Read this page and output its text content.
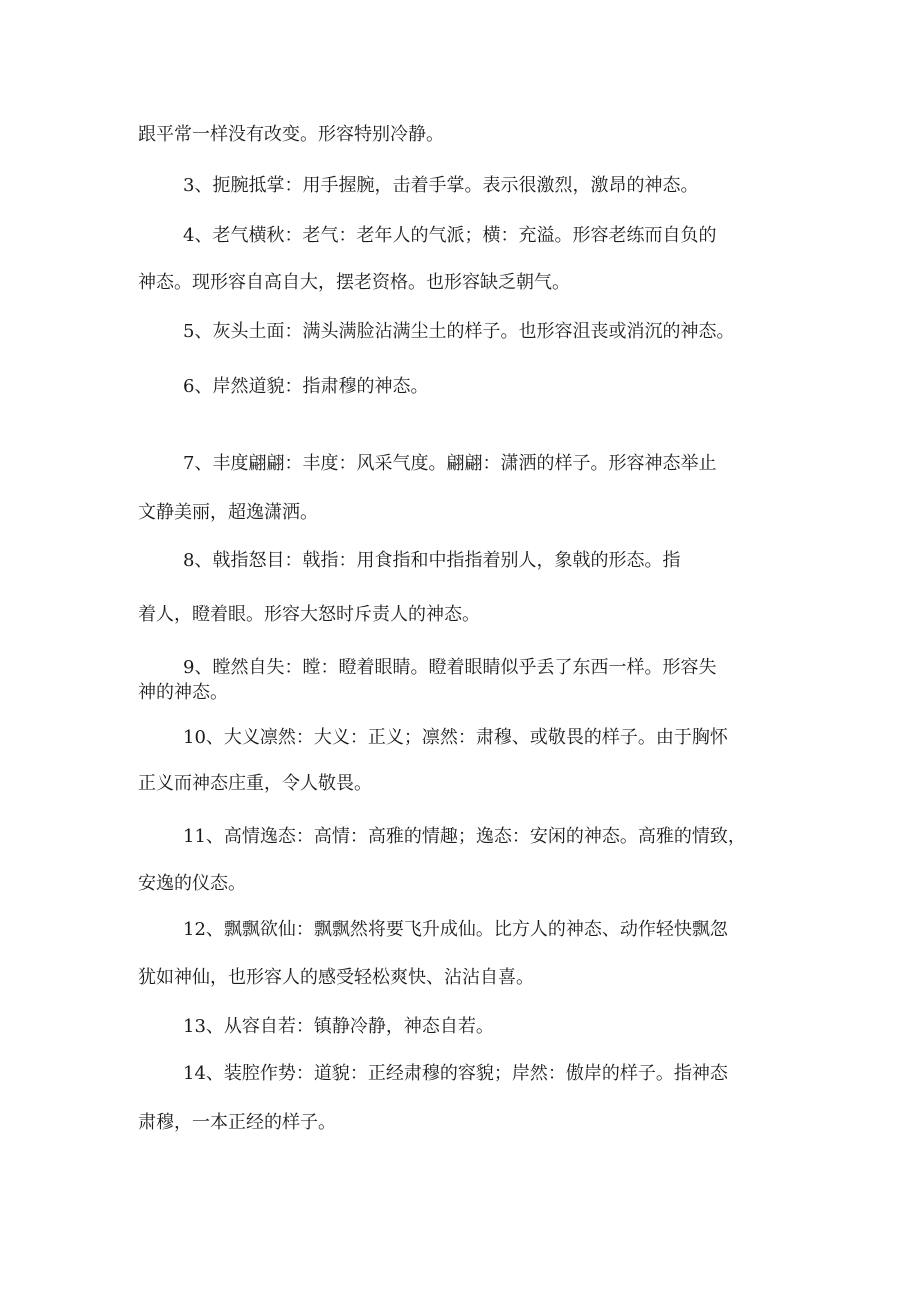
跟平常一样没有改变。形容特别冷静。
3、扼腕抵掌：用手握腕，击着手掌。表示很激烈，激昂的神态。
4、老气横秋：老气：老年人的气派；横：充溢。形容老练而自负的
神态。现形容自高自大，摆老资格。也形容缺乏朝气。
5、灰头土面：满头满脸沾满尘土的样子。也形容沮丧或消沉的神态。
6、岸然道貌：指肃穆的神态。
7、丰度翩翩：丰度：风采气度。翩翩：潇洒的样子。形容神态举止
文静美丽，超逸潇洒。
8、戟指怒目：戟指：用食指和中指指着别人，象戟的形态。指
着人，瞪着眼。形容大怒时斥责人的神态。
9、瞠然自失：瞠：瞪着眼睛。瞪着眼睛似乎丢了东西一样。形容失
神的神态。
10、大义凛然：大义：正义；凛然：肃穆、或敬畏的样子。由于胸怀
正义而神态庄重，令人敬畏。
11、高情逸态：高情：高雅的情趣；逸态：安闲的神态。高雅的情致，
安逸的仪态。
12、飘飘欲仙：飘飘然将要飞升成仙。比方人的神态、动作轻快飘忽
犹如神仙，也形容人的感受轻松爽快、沾沾自喜。
13、从容自若：镇静冷静，神态自若。
14、装腔作势：道貌：正经肃穆的容貌；岸然：傲岸的样子。指神态
肃穆，一本正经的样子。
